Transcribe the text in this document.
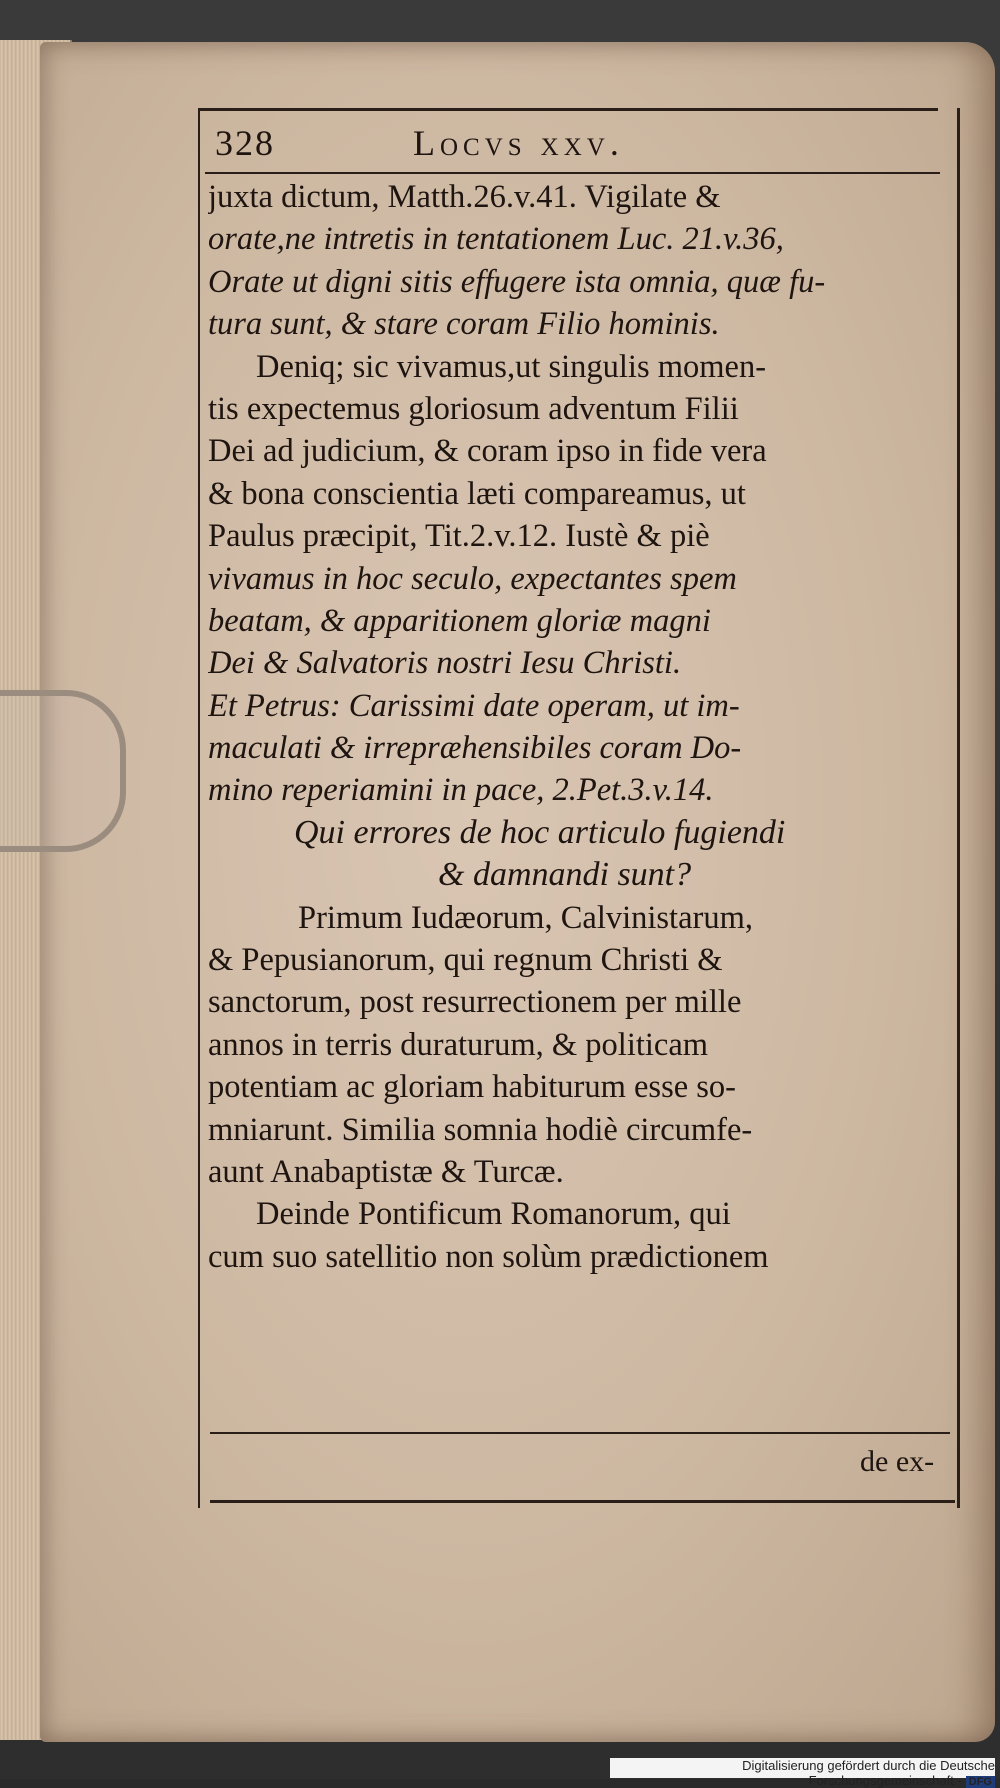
328	Locvs xxv.
juxta dictum, Matth.26.v.41. Vigilate &
orate,ne intretis in tentationem Luc. 21.v.36,
Orate ut digni sitis effugere ista omnia, quæ fu-
tura sunt, & stare coram Filio hominis.
Deniq; sic vivamus,ut singulis momen-
tis expectemus gloriosum adventum Filii
Dei ad judicium, & coram ipso in fide vera
& bona conscientia læti compareamus, ut
Paulus præcipit, Tit.2.v.12. Iustè & piè
vivamus in hoc seculo, expectantes spem
beatam, & apparitionem gloriæ magni
Dei & Salvatoris nostri Iesu Christi.
Et Petrus: Carissimi date operam, ut im-
maculati & irrepræhensibiles coram Do-
mino reperiamini in pace, 2.Pet.3.v.14.
Qui errores de hoc articulo fugiendi
& damnandi sunt?
Primum Iudæorum, Calvinistarum,
& Pepusianorum, qui regnum Christi &
sanctorum, post resurrectionem per mille
annos in terris duraturum, & politicam
potentiam ac gloriam habiturum esse so-
mniarunt. Similia somnia hodiè circumfe-
aunt Anabaptistæ & Turcæ.
Deinde Pontificum Romanorum, qui
cum suo satellitio non solùm prædictionem
de ex-
Digitalisierung gefördert durch die Deutsche Forschungsgemeinschaft - DFG
